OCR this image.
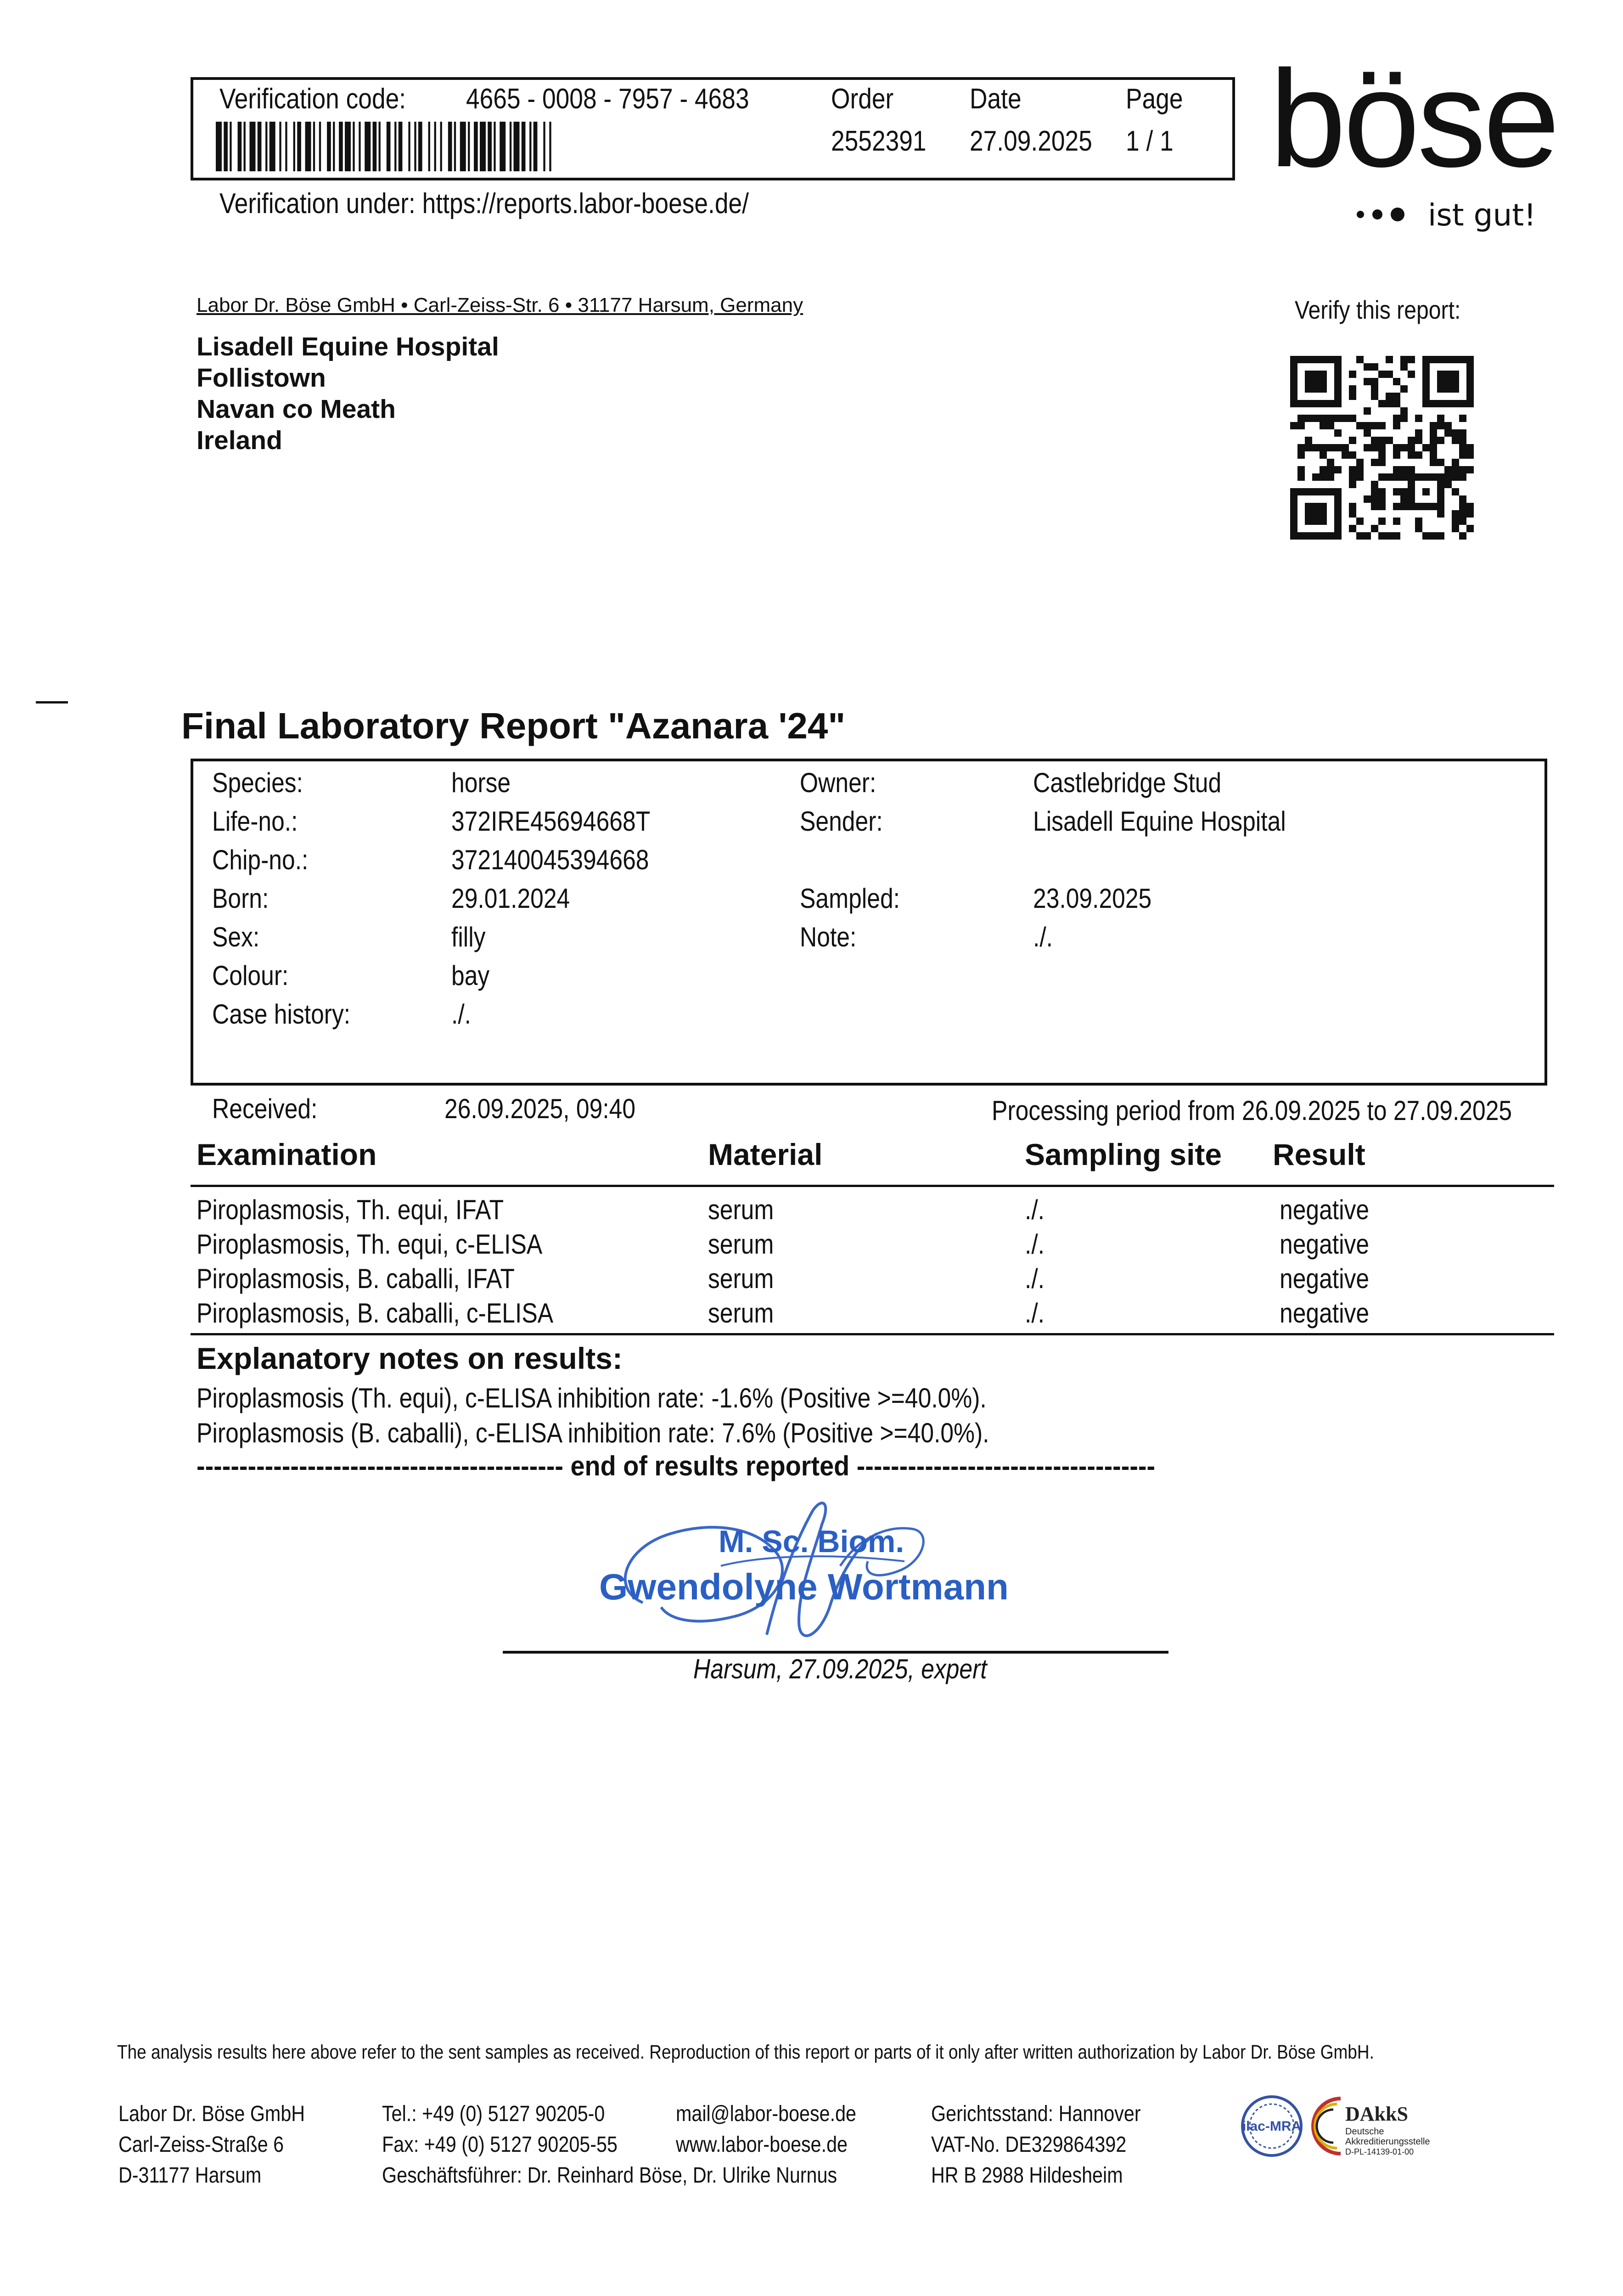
Verification code: 4665 - 0008 - 7957 - 4683	Order
2552391
Date
27.09.2025
Page
1 / 1
Verification under: https://reports.labor-boese.de/
böse
ist gut!
Labor Dr. Böse GmbH • Carl-Zeiss-Str. 6 • 31177 Harsum, Germany
Lisadell Equine Hospital
Follistown
Navan co Meath
Ireland
Verify this report:
Final Laboratory Report "Azanara '24"
Species:	horse
Life-no.:	372IRE45694668T
Chip-no.:	372140045394668
Born:	29.01.2024
Sex:	filly
Colour:	bay
Case history:	./.
Owner:	Castlebridge Stud
Sender:	Lisadell Equine Hospital
Sampled:	23.09.2025
Note:	./.
Received:	26.09.2025, 09:40	Processing period from 26.09.2025 to 27.09.2025
Examination	Material	Sampling site Result
Piroplasmosis, Th. equi, IFAT	serum	./.	negative
Piroplasmosis, Th. equi, c-ELISA	serum	./.	negative
Piroplasmosis, B. caballi, IFAT	serum	./.	negative
Piroplasmosis, B. caballi, c-ELISA	serum	./.	negative
Explanatory notes on results:
Piroplasmosis (Th. equi), c-ELISA inhibition rate: -1.6% (Positive >=40.0%).
Piroplasmosis (B. caballi), c-ELISA inhibition rate: 7.6% (Positive >=40.0%).
------------------------------------------- end of results reported -----------------------------------
M. Sc. Biom.
Gwendolyne Wortmann
Harsum, 27.09.2025, expert
The analysis results here above refer to the sent samples as received. Reproduction of this report or parts of it only after written authorization by Labor Dr. Böse GmbH.
Labor Dr. Böse GmbH
Carl-Zeiss-Straße 6
D-31177 Harsum
Tel.: +49 (0) 5127 90205-0
Fax: +49 (0) 5127 90205-55
Geschäftsführer: Dr. Reinhard Böse, Dr. Ulrike Nurnus
mail@labor-boese.de
www.labor-boese.de
Gerichtsstand: Hannover
VAT-No. DE329864392
HR B 2988 Hildesheim
ilac-MRA
DAkkS
Deutsche
Akkreditierungsstelle
D-PL-14139-01-00
